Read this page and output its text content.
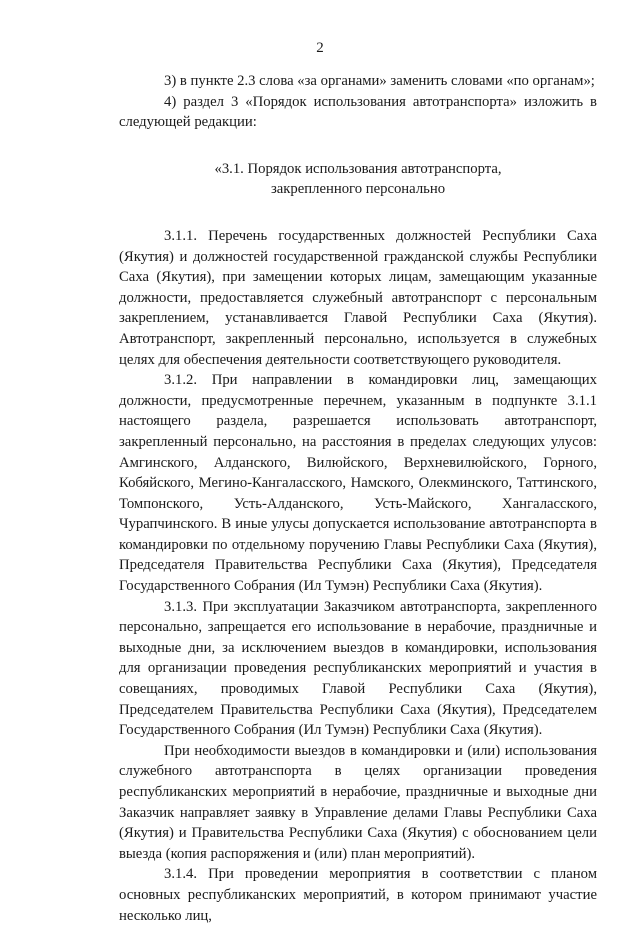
2

3) в пункте 2.3 слова «за органами» заменить словами «по органам»;

4) раздел 3 «Порядок использования автотранспорта» изложить в следующей редакции:

«3.1. Порядок использования автотранспорта,
закрепленного персонально

3.1.1. Перечень государственных должностей Республики Саха (Якутия) и должностей государственной гражданской службы Республики Саха (Якутия), при замещении которых лицам, замещающим указанные должности, предоставляется служебный автотранспорт с персональным закреплением, устанавливается Главой Республики Саха (Якутия). Автотранспорт, закрепленный персонально, используется в служебных целях для обеспечения деятельности соответствующего руководителя.

3.1.2. При направлении в командировки лиц, замещающих должности, предусмотренные перечнем, указанным в подпункте 3.1.1 настоящего раздела, разрешается использовать автотранспорт, закрепленный персонально, на расстояния в пределах следующих улусов: Амгинского, Алданского, Вилюйского, Верхневилюйского, Горного, Кобяйского, Мегино-Кангаласского, Намского, Олекминского, Таттинского, Томпонского, Усть-Алданского, Усть-Майского, Хангаласского, Чурапчинского. В иные улусы допускается использование автотранспорта в командировки по отдельному поручению Главы Республики Саха (Якутия), Председателя Правительства Республики Саха (Якутия), Председателя Государственного Собрания (Ил Тумэн) Республики Саха (Якутия).

3.1.3. При эксплуатации Заказчиком автотранспорта, закрепленного персонально, запрещается его использование в нерабочие, праздничные и выходные дни, за исключением выездов в командировки, использования для организации проведения республиканских мероприятий и участия в совещаниях, проводимых Главой Республики Саха (Якутия), Председателем Правительства Республики Саха (Якутия), Председателем Государственного Собрания (Ил Тумэн) Республики Саха (Якутия).

При необходимости выездов в командировки и (или) использования служебного автотранспорта в целях организации проведения республиканских мероприятий в нерабочие, праздничные и выходные дни Заказчик направляет заявку в Управление делами Главы Республики Саха (Якутия) и Правительства Республики Саха (Якутия) с обоснованием цели выезда (копия распоряжения и (или) план мероприятий).

3.1.4. При проведении мероприятия в соответствии с планом основных республиканских мероприятий, в котором принимают участие несколько лиц,
